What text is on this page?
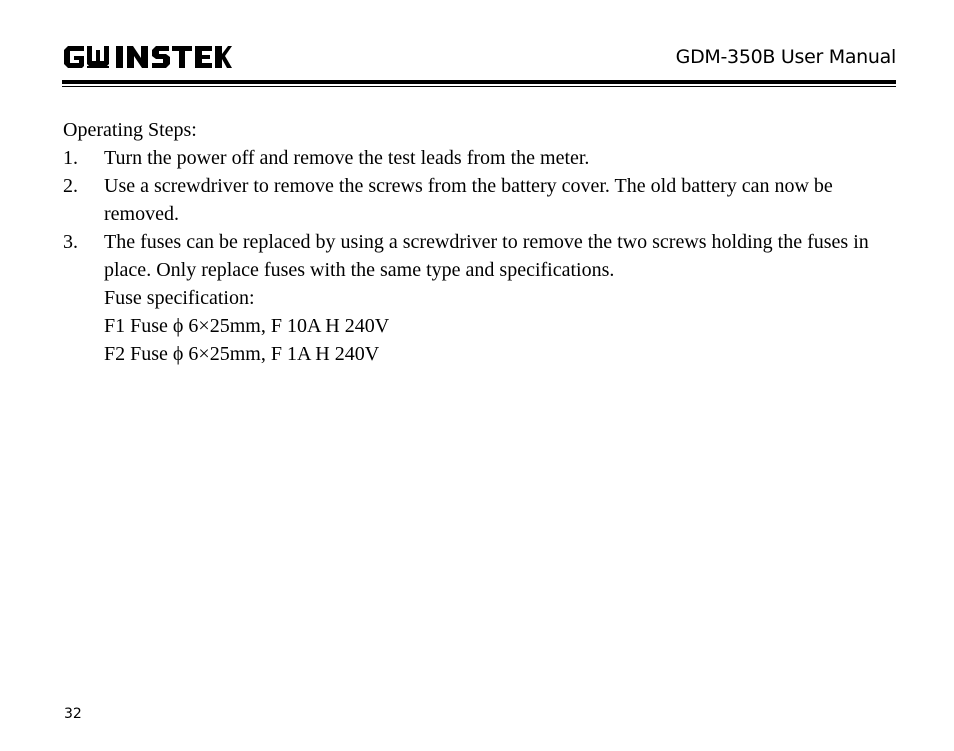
GDM-350B User Manual

Operating Steps:

1.	Turn the power off and remove the test leads from the meter.
2.	Use a screwdriver to remove the screws from the battery cover. The old battery can now be removed.
3.	The fuses can be replaced by using a screwdriver to remove the two screws holding the fuses in place. Only replace fuses with the same type and specifications.
Fuse specification:
F1 Fuse ϕ 6×25mm, F 10A H 240V
F2 Fuse ϕ 6×25mm, F 1A H 240V
32
